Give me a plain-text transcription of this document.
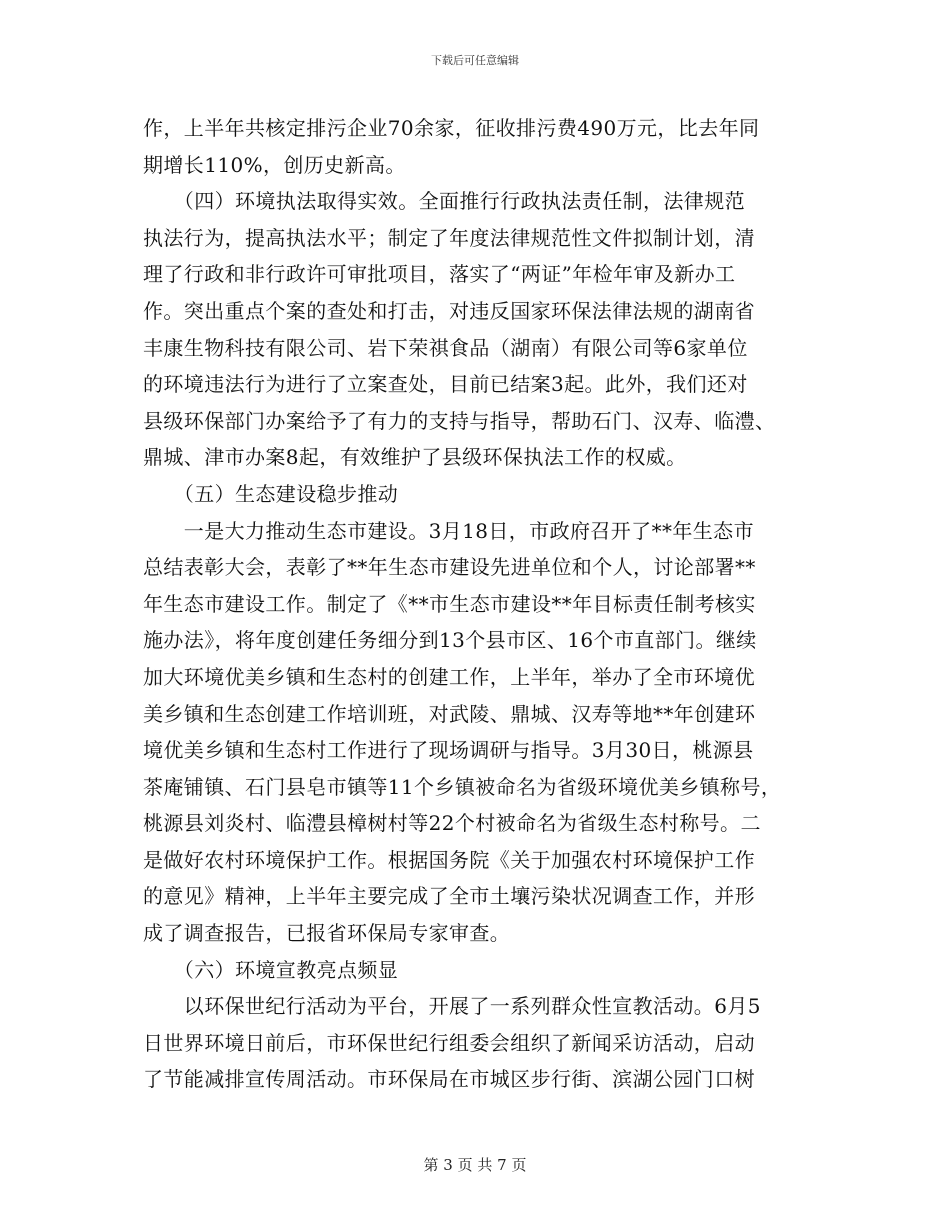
下载后可任意编辑
作，上半年共核定排污企业70余家，征收排污费490万元，比去年同
期增长110%，创历史新高。
　　（四）环境执法取得实效。全面推行行政执法责任制，法律规范
执法行为，提高执法水平；制定了年度法律规范性文件拟制计划，清
理了行政和非行政许可审批项目，落实了“两证”年检年审及新办工
作。突出重点个案的查处和打击，对违反国家环保法律法规的湖南省
丰康生物科技有限公司、岩下荣祺食品（湖南）有限公司等6家单位
的环境违法行为进行了立案查处，目前已结案3起。此外，我们还对
县级环保部门办案给予了有力的支持与指导，帮助石门、汉寿、临澧、
鼎城、津市办案8起，有效维护了县级环保执法工作的权威。
　　（五）生态建设稳步推动
　　一是大力推动生态市建设。3月18日，市政府召开了**年生态市
总结表彰大会，表彰了**年生态市建设先进单位和个人，讨论部署**
年生态市建设工作。制定了《**市生态市建设**年目标责任制考核实
施办法》，将年度创建任务细分到13个县市区、16个市直部门。继续
加大环境优美乡镇和生态村的创建工作，上半年，举办了全市环境优
美乡镇和生态创建工作培训班，对武陵、鼎城、汉寿等地**年创建环
境优美乡镇和生态村工作进行了现场调研与指导。3月30日，桃源县
茶庵铺镇、石门县皂市镇等11个乡镇被命名为省级环境优美乡镇称号，
桃源县刘炎村、临澧县樟树村等22个村被命名为省级生态村称号。二
是做好农村环境保护工作。根据国务院《关于加强农村环境保护工作
的意见》精神，上半年主要完成了全市土壤污染状况调查工作，并形
成了调查报告，已报省环保局专家审查。
　　（六）环境宣教亮点频显
　　以环保世纪行活动为平台，开展了一系列群众性宣教活动。6月5
日世界环境日前后，市环保世纪行组委会组织了新闻采访活动，启动
了节能减排宣传周活动。市环保局在市城区步行街、滨湖公园门口树
第 3 页 共 7 页
